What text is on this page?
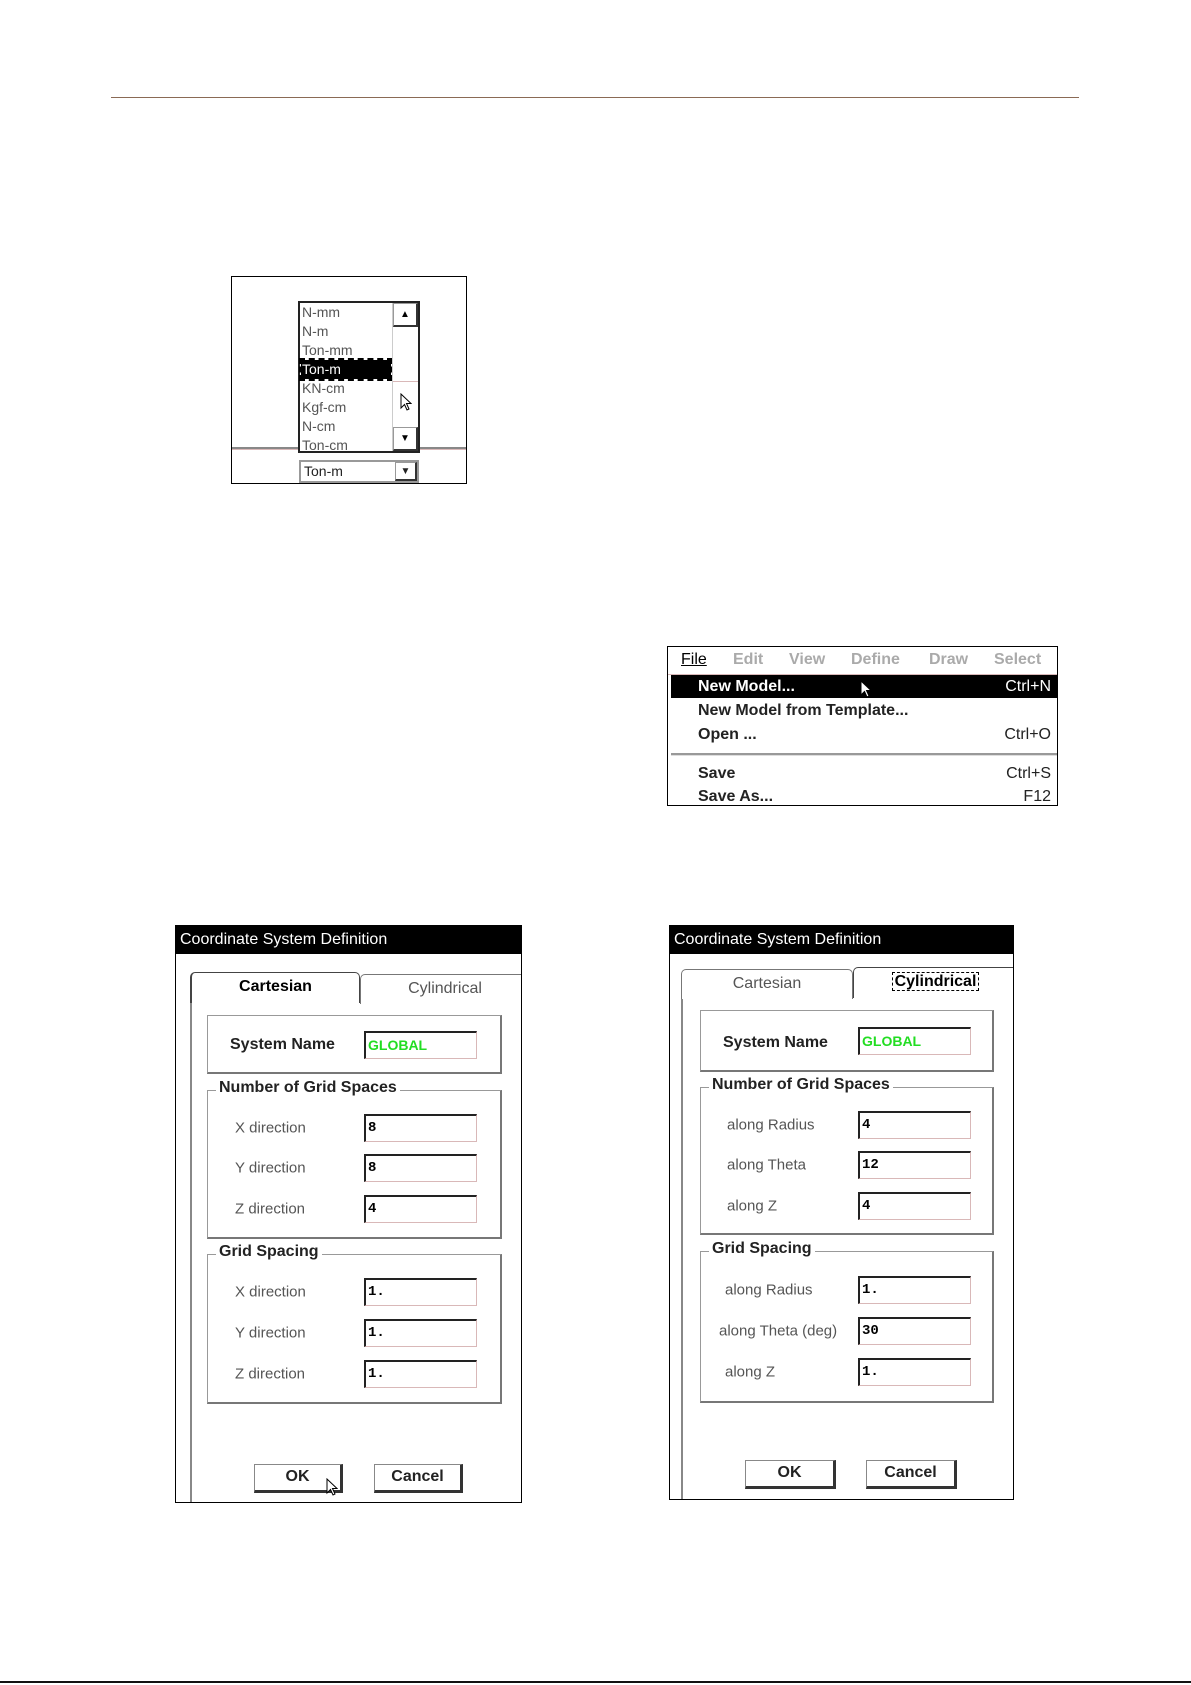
N-mm
N-m
Ton-mm
Ton-m
KN-cm
Kgf-cm
N-cm
Ton-cm
▲
▼
Ton-m	▼
File Edit View Define Draw Select
New Model...	Ctrl+N
New Model from Template...
Open ...	Ctrl+O
Save	Ctrl+S
Save As...	F12
Coordinate System Definition
Cartesian	Cylindrical
System Name GLOBAL
Number of Grid Spaces
X direction	8
Y direction	8
Z direction	4
Grid Spacing
X direction	1.
Y direction	1.
Z direction	1.
OK	Cancel
Coordinate System Definition
Cartesian	Cylindrical
System Name GLOBAL
Number of Grid Spaces
along Radius	4
along Theta	12
along Z	4
Grid Spacing
along Radius	1.
along Theta (deg) 30
along Z	1.
OK	Cancel
